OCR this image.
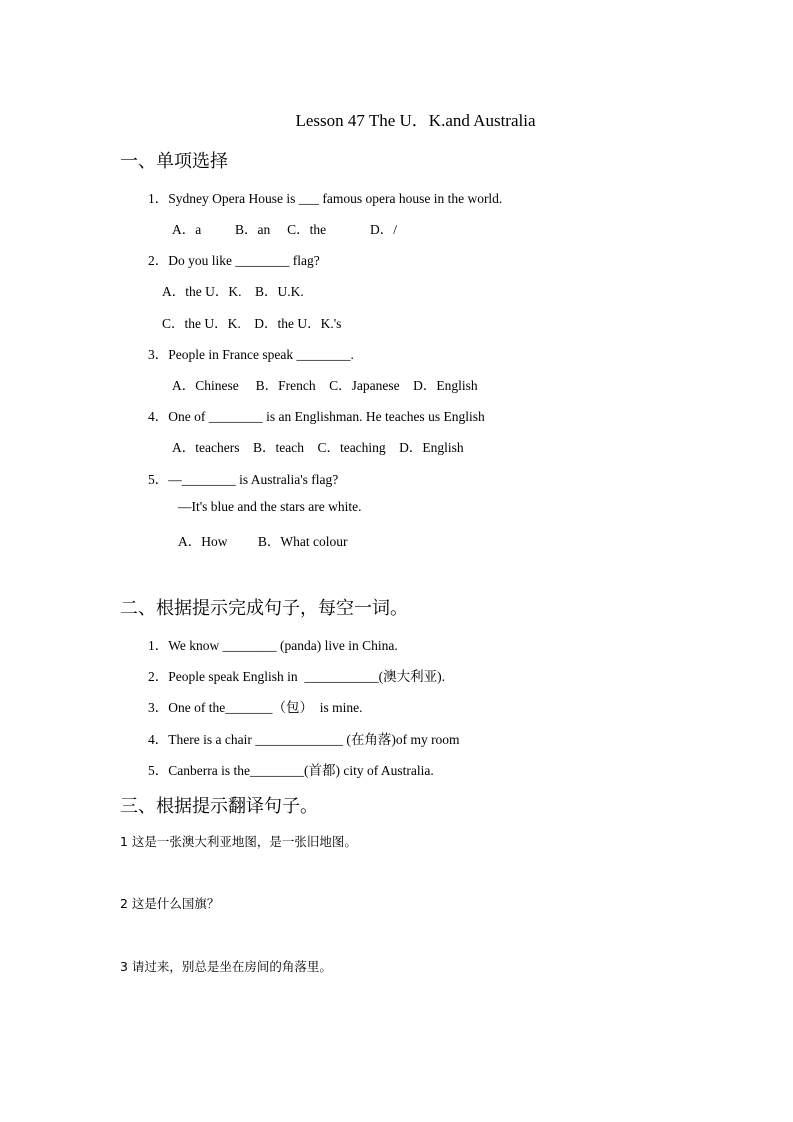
Lesson 47 The U．K.and Australia
一、单项选择
1．Sydney Opera House is ___ famous opera house in the world.
A．a          B．an     C．the             D．/
2．Do you like ________ flag?
A．the U．K.    B．U.K.
C．the U．K.    D．the U．K.'s
3．People in France speak ________.
A．Chinese     B．French    C．Japanese    D．English
4．One of ________ is an Englishman. He teaches us English
A．teachers    B．teach    C．teaching    D．English
5．—________ is Australia's flag?
—It's blue and the stars are white.
A．How         B．What colour
二、根据提示完成句子，每空一词。
1．We know ________ (panda) live in China.
2．People speak English in  ___________(澳大利亚).
3．One of the_______（包）  is mine.
4．There is a chair _____________ (在角落)of my room
5．Canberra is the________(首都) city of Australia.
三、根据提示翻译句子。
1 这是一张澳大利亚地图，是一张旧地图。
2 这是什么国旗？
3 请过来，别总是坐在房间的角落里。
